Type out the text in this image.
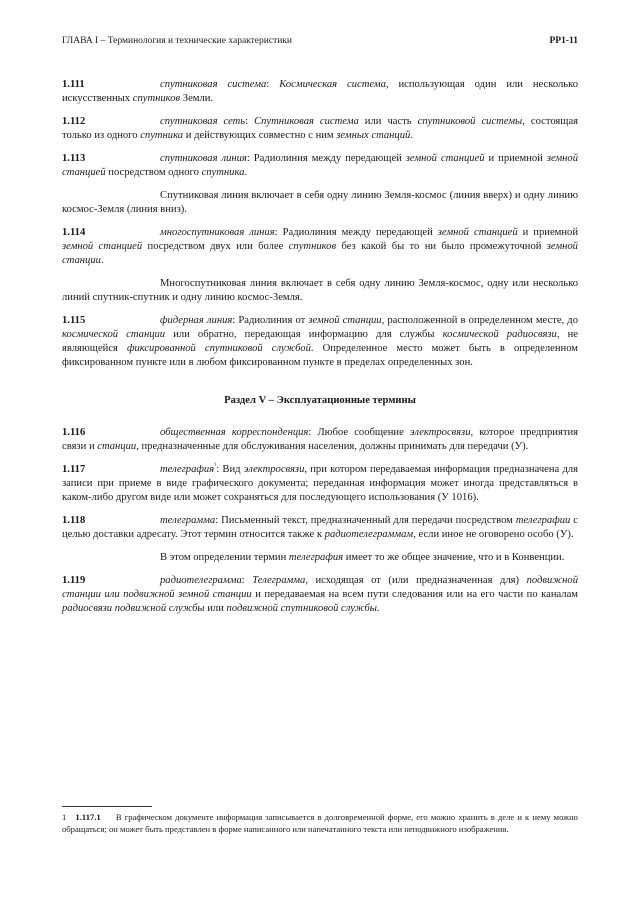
ГЛАВА I – Терминология и технические характеристики	РР1-11
1.111	спутниковая система: Космическая система, использующая один или несколько искусственных спутников Земли.
1.112	спутниковая сеть: Спутниковая система или часть спутниковой системы, состоящая только из одного спутника и действующих совместно с ним земных станций.
1.113	спутниковая линия: Радиолиния между передающей земной станцией и приемной земной станцией посредством одного спутника.
Спутниковая линия включает в себя одну линию Земля-космос (линия вверх) и одну линию космос-Земля (линия вниз).
1.114	многоспутниковая линия: Радиолиния между передающей земной станцией и приемной земной станцией посредством двух или более спутников без какой бы то ни было промежуточной земной станции.
Многоспутниковая линия включает в себя одну линию Земля-космос, одну или несколько линий спутник-спутник и одну линию космос-Земля.
1.115	фидерная линия: Радиолиния от земной станции, расположенной в определенном месте, до космической станции или обратно, передающая информацию для службы космической радиосвязи, не являющейся фиксированной спутниковой службой. Определенное место может быть в определенном фиксированном пункте или в любом фиксированном пункте в пределах определенных зон.
Раздел V – Эксплуатационные термины
1.116	общественная корреспонденция: Любое сообщение электросвязи, которое предприятия связи и станции, предназначенные для обслуживания населения, должны принимать для передачи (У).
1.117	телеграфия$^{^1}$: Вид электросвязи, при котором передаваемая информация предназначена для записи при приеме в виде графического документа; переданная информация может иногда представляться в каком-либо другом виде или может сохраняться для последующего использования (У 1016).
1.118	телеграмма: Письменный текст, предназначенный для передачи посредством телеграфии с целью доставки адресату. Этот термин относится также к радиотелеграммам, если иное не оговорено особо (У).
В этом определении термин телеграфия имеет то же общее значение, что и в Конвенции.
1.119	радиотелеграмма: Телеграмма, исходящая от (или предназначенная для) подвижной станции или подвижной земной станции и передаваемая на всем пути следования или на его части по каналам радиосвязи подвижной службы или подвижной спутниковой службы.
1 1.117.1 В графическом документе информация записывается в долговременной форме, его можно хранить в деле и к нему можно обращаться; он может быть представлен в форме написанного или напечатанного текста или неподвижного изображения.
